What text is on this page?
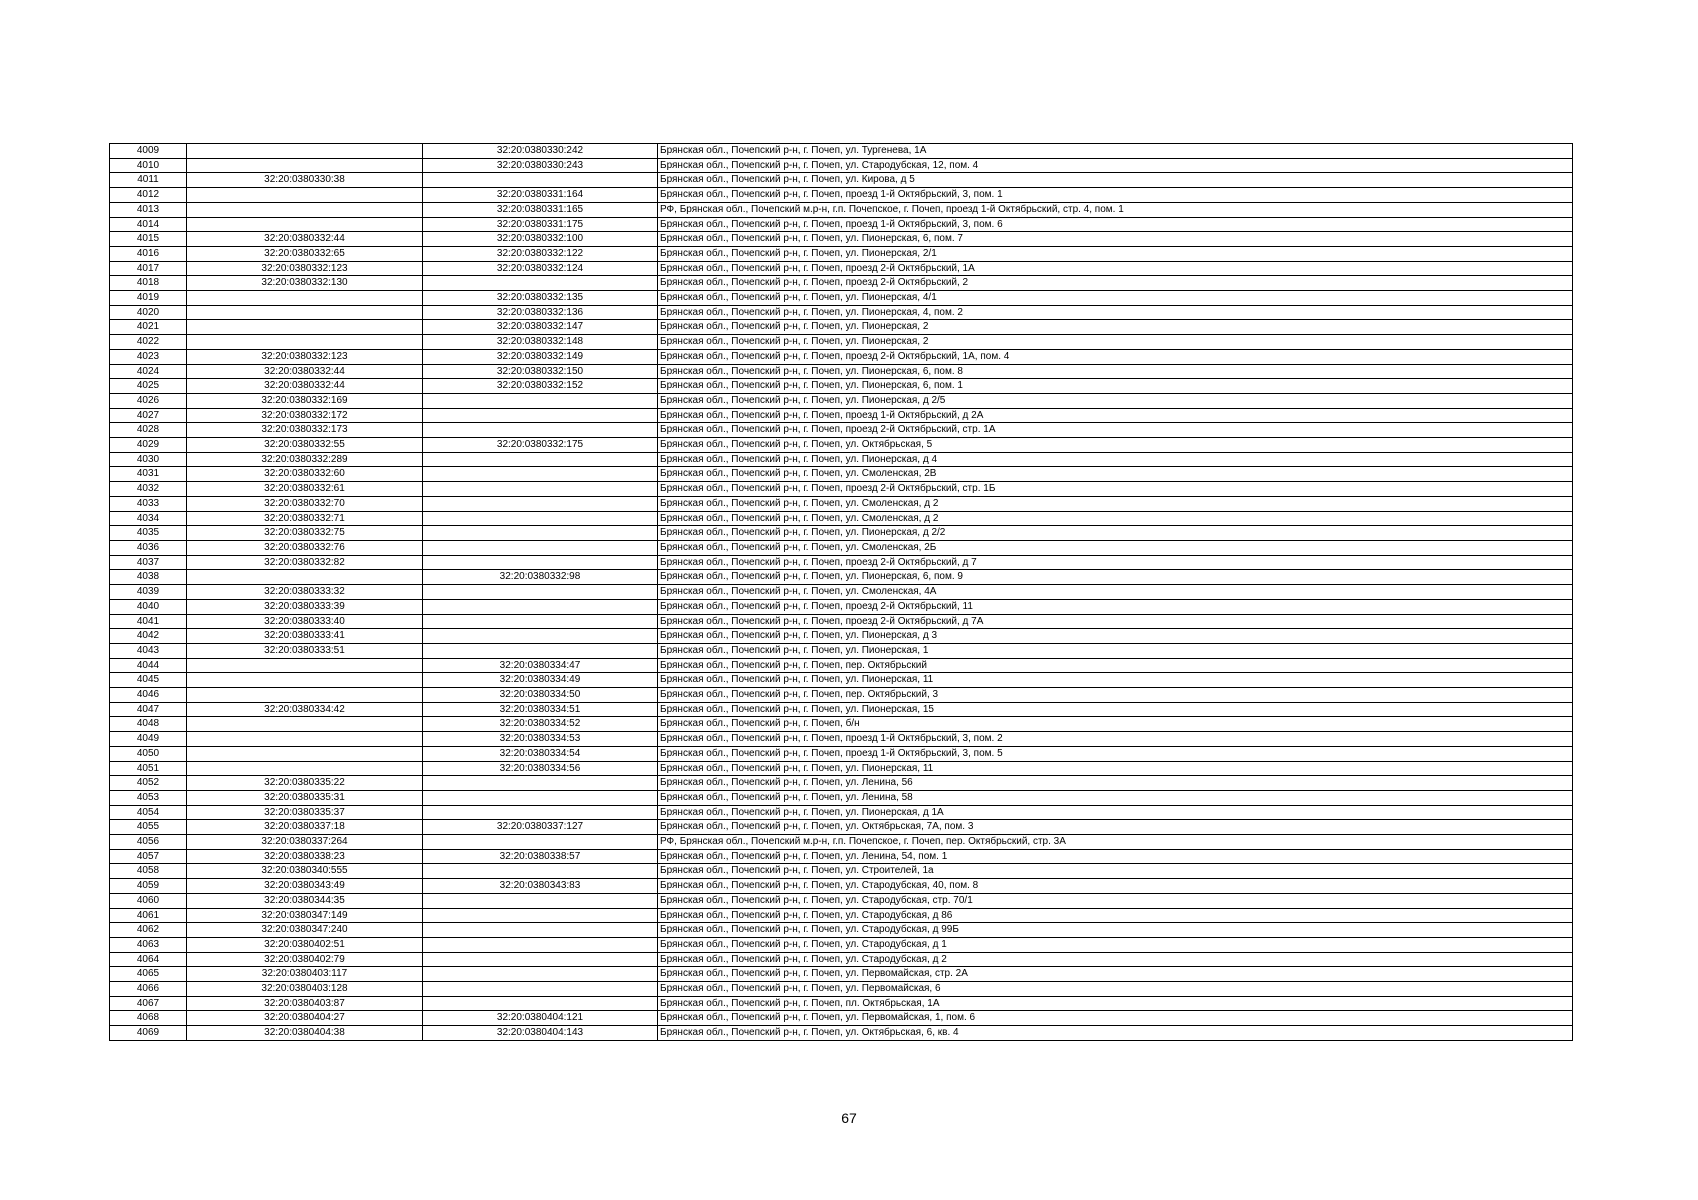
4009		32:20:0380330:242	Брянская обл., Почепский р-н, г. Почеп, ул. Тургенева, 1А
4010		32:20:0380330:243	Брянская обл., Почепский р-н, г. Почеп, ул. Стародубская, 12, пом. 4
4011	32:20:0380330:38		Брянская обл., Почепский р-н, г. Почеп, ул. Кирова, д 5
4012		32:20:0380331:164	Брянская обл., Почепский р-н, г. Почеп, проезд 1-й Октябрьский, 3, пом. 1
4013		32:20:0380331:165	РФ, Брянская обл., Почепский м.р-н, г.п. Почепское, г. Почеп, проезд 1-й Октябрьский, стр. 4, пом. 1
4014		32:20:0380331:175	Брянская обл., Почепский р-н, г. Почеп, проезд 1-й Октябрьский, 3, пом. 6
4015	32:20:0380332:44	32:20:0380332:100	Брянская обл., Почепский р-н, г. Почеп, ул. Пионерская, 6, пом. 7
4016	32:20:0380332:65	32:20:0380332:122	Брянская обл., Почепский р-н, г. Почеп, ул. Пионерская, 2/1
4017	32:20:0380332:123	32:20:0380332:124	Брянская обл., Почепский р-н, г. Почеп, проезд 2-й Октябрьский, 1А
4018	32:20:0380332:130		Брянская обл., Почепский р-н, г. Почеп, проезд 2-й Октябрьский, 2
4019		32:20:0380332:135	Брянская обл., Почепский р-н, г. Почеп, ул. Пионерская, 4/1
4020		32:20:0380332:136	Брянская обл., Почепский р-н, г. Почеп, ул. Пионерская, 4, пом. 2
4021		32:20:0380332:147	Брянская обл., Почепский р-н, г. Почеп, ул. Пионерская, 2
4022		32:20:0380332:148	Брянская обл., Почепский р-н, г. Почеп, ул. Пионерская, 2
4023	32:20:0380332:123	32:20:0380332:149	Брянская обл., Почепский р-н, г. Почеп, проезд 2-й Октябрьский, 1А, пом. 4
4024	32:20:0380332:44	32:20:0380332:150	Брянская обл., Почепский р-н, г. Почеп, ул. Пионерская, 6, пом. 8
4025	32:20:0380332:44	32:20:0380332:152	Брянская обл., Почепский р-н, г. Почеп, ул. Пионерская, 6, пом. 1
4026	32:20:0380332:169		Брянская обл., Почепский р-н, г. Почеп, ул. Пионерская, д 2/5
4027	32:20:0380332:172		Брянская обл., Почепский р-н, г. Почеп, проезд 1-й Октябрьский, д 2А
4028	32:20:0380332:173		Брянская обл., Почепский р-н, г. Почеп, проезд 2-й Октябрьский, стр. 1А
4029	32:20:0380332:55	32:20:0380332:175	Брянская обл., Почепский р-н, г. Почеп, ул. Октябрьская, 5
4030	32:20:0380332:289		Брянская обл., Почепский р-н, г. Почеп, ул. Пионерская, д 4
4031	32:20:0380332:60		Брянская обл., Почепский р-н, г. Почеп, ул. Смоленская, 2В
4032	32:20:0380332:61		Брянская обл., Почепский р-н, г. Почеп, проезд 2-й Октябрьский, стр. 1Б
4033	32:20:0380332:70		Брянская обл., Почепский р-н, г. Почеп, ул. Смоленская, д 2
4034	32:20:0380332:71		Брянская обл., Почепский р-н, г. Почеп, ул. Смоленская, д 2
4035	32:20:0380332:75		Брянская обл., Почепский р-н, г. Почеп, ул. Пионерская, д 2/2
4036	32:20:0380332:76		Брянская обл., Почепский р-н, г. Почеп, ул. Смоленская, 2Б
4037	32:20:0380332:82		Брянская обл., Почепский р-н, г. Почеп, проезд 2-й Октябрьский, д 7
4038		32:20:0380332:98	Брянская обл., Почепский р-н, г. Почеп, ул. Пионерская, 6, пом. 9
4039	32:20:0380333:32		Брянская обл., Почепский р-н, г. Почеп, ул. Смоленская, 4А
4040	32:20:0380333:39		Брянская обл., Почепский р-н, г. Почеп, проезд 2-й Октябрьский, 11
4041	32:20:0380333:40		Брянская обл., Почепский р-н, г. Почеп, проезд 2-й Октябрьский, д 7А
4042	32:20:0380333:41		Брянская обл., Почепский р-н, г. Почеп, ул. Пионерская, д 3
4043	32:20:0380333:51		Брянская обл., Почепский р-н, г. Почеп, ул. Пионерская, 1
4044		32:20:0380334:47	Брянская обл., Почепский р-н, г. Почеп, пер. Октябрьский
4045		32:20:0380334:49	Брянская обл., Почепский р-н, г. Почеп, ул. Пионерская, 11
4046		32:20:0380334:50	Брянская обл., Почепский р-н, г. Почеп, пер. Октябрьский, 3
4047	32:20:0380334:42	32:20:0380334:51	Брянская обл., Почепский р-н, г. Почеп, ул. Пионерская, 15
4048		32:20:0380334:52	Брянская обл., Почепский р-н, г. Почеп, б/н
4049		32:20:0380334:53	Брянская обл., Почепский р-н, г. Почеп, проезд 1-й Октябрьский, 3, пом. 2
4050		32:20:0380334:54	Брянская обл., Почепский р-н, г. Почеп, проезд 1-й Октябрьский, 3, пом. 5
4051		32:20:0380334:56	Брянская обл., Почепский р-н, г. Почеп, ул. Пионерская, 11
4052	32:20:0380335:22		Брянская обл., Почепский р-н, г. Почеп, ул. Ленина, 56
4053	32:20:0380335:31		Брянская обл., Почепский р-н, г. Почеп, ул. Ленина, 58
4054	32:20:0380335:37		Брянская обл., Почепский р-н, г. Почеп, ул. Пионерская, д 1А
4055	32:20:0380337:18	32:20:0380337:127	Брянская обл., Почепский р-н, г. Почеп, ул. Октябрьская, 7А, пом. 3
4056	32:20:0380337:264		РФ, Брянская обл., Почепский м.р-н, г.п. Почепское, г. Почеп, пер. Октябрьский, стр. 3А
4057	32:20:0380338:23	32:20:0380338:57	Брянская обл., Почепский р-н, г. Почеп, ул. Ленина, 54, пом. 1
4058	32:20:0380340:555		Брянская обл., Почепский р-н, г. Почеп, ул. Строителей, 1а
4059	32:20:0380343:49	32:20:0380343:83	Брянская обл., Почепский р-н, г. Почеп, ул. Стародубская, 40, пом. 8
4060	32:20:0380344:35		Брянская обл., Почепский р-н, г. Почеп, ул. Стародубская, стр. 70/1
4061	32:20:0380347:149		Брянская обл., Почепский р-н, г. Почеп, ул. Стародубская, д 86
4062	32:20:0380347:240		Брянская обл., Почепский р-н, г. Почеп, ул. Стародубская, д 99Б
4063	32:20:0380402:51		Брянская обл., Почепский р-н, г. Почеп, ул. Стародубская, д 1
4064	32:20:0380402:79		Брянская обл., Почепский р-н, г. Почеп, ул. Стародубская, д 2
4065	32:20:0380403:117		Брянская обл., Почепский р-н, г. Почеп, ул. Первомайская, стр. 2А
4066	32:20:0380403:128		Брянская обл., Почепский р-н, г. Почеп, ул. Первомайская, 6
4067	32:20:0380403:87		Брянская обл., Почепский р-н, г. Почеп, пл. Октябрьская, 1А
4068	32:20:0380404:27	32:20:0380404:121	Брянская обл., Почепский р-н, г. Почеп, ул. Первомайская, 1, пом. 6
4069	32:20:0380404:38	32:20:0380404:143	Брянская обл., Почепский р-н, г. Почеп, ул. Октябрьская, 6, кв. 4
67
